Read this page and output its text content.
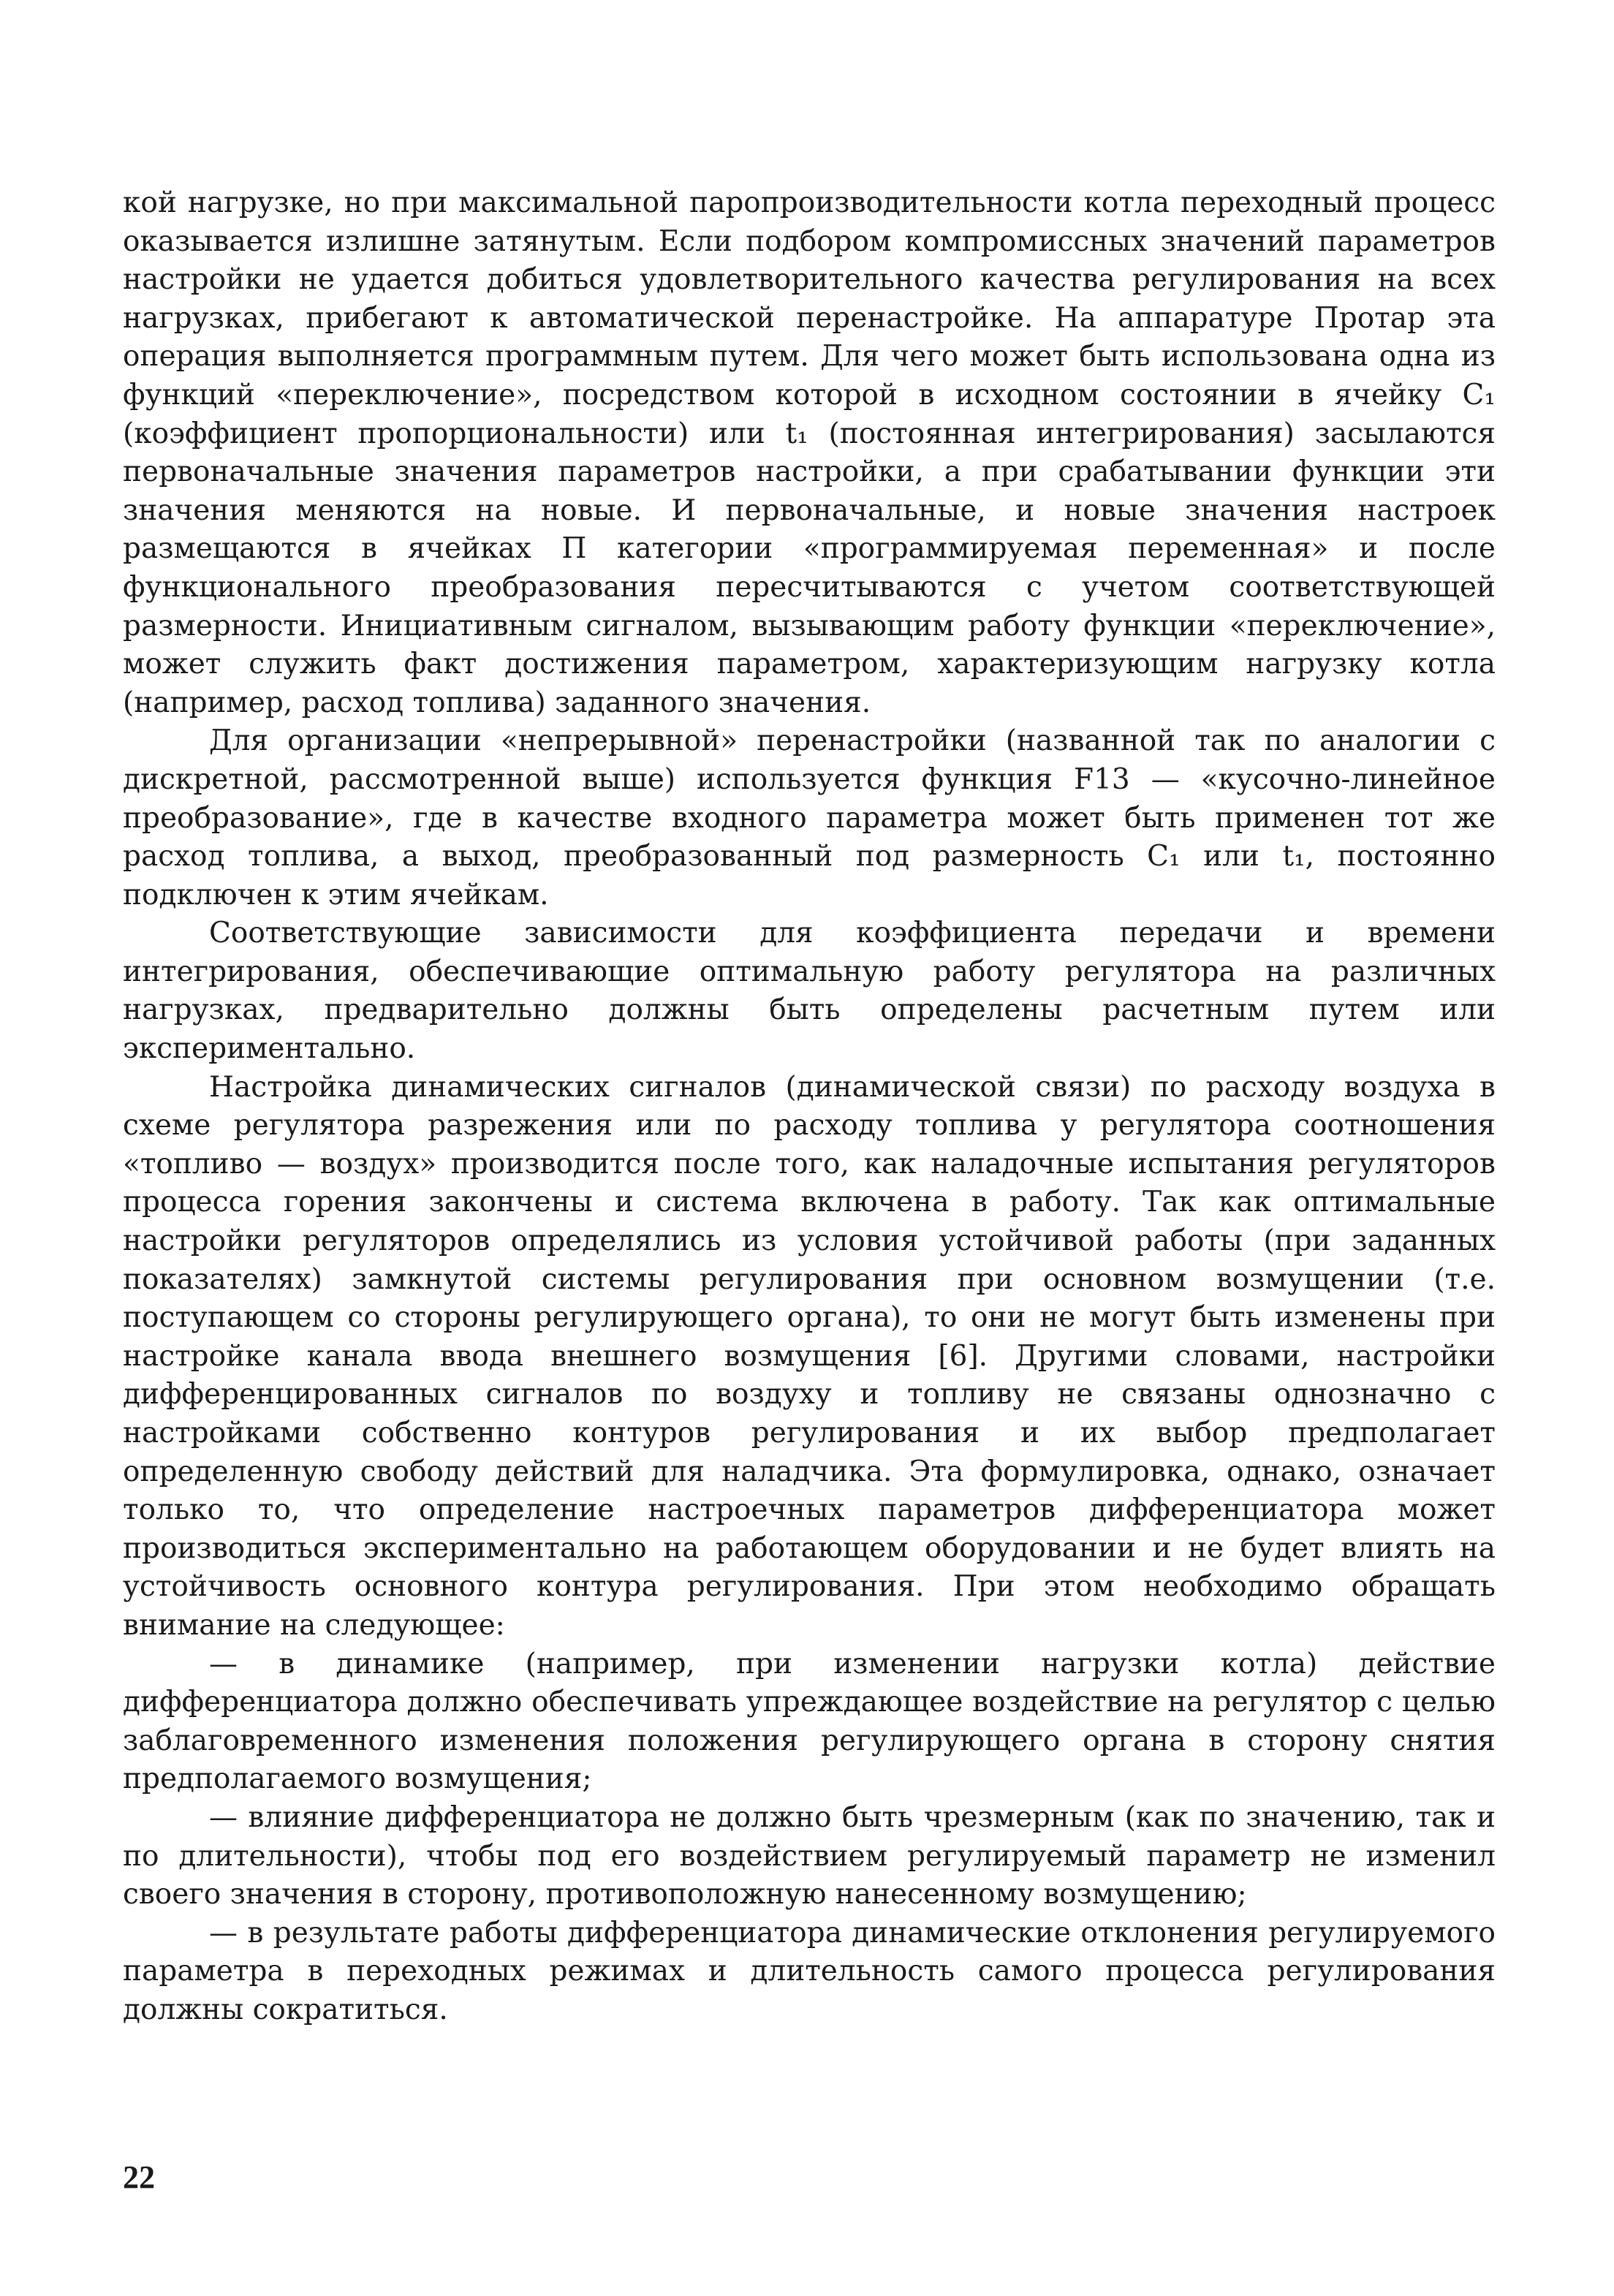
кой нагрузке, но при максимальной паропроизводительности котла переходный процесс оказывается излишне затянутым. Если подбором компромиссных значений параметров настройки не удается добиться удовлетворительного качества регулирования на всех нагрузках, прибегают к автоматической перенастройке. На аппаратуре Протар эта операция выполняется программным путем. Для чего может быть использована одна из функций «переключение», посредством которой в исходном состоянии в ячейку C₁ (коэффициент пропорциональности) или t₁ (постоянная интегрирования) засылаются первоначальные значения параметров настройки, а при срабатывании функции эти значения меняются на новые. И первоначальные, и новые значения настроек размещаются в ячейках П категории «программируемая переменная» и после функционального преобразования пересчитываются с учетом соответствующей размерности. Инициативным сигналом, вызывающим работу функции «переключение», может служить факт достижения параметром, характеризующим нагрузку котла (например, расход топлива) заданного значения.

Для организации «непрерывной» перенастройки (названной так по аналогии с дискретной, рассмотренной выше) используется функция F13 — «кусочно-линейное преобразование», где в качестве входного параметра может быть применен тот же расход топлива, а выход, преобразованный под размерность C₁ или t₁, постоянно подключен к этим ячейкам.

Соответствующие зависимости для коэффициента передачи и времени интегрирования, обеспечивающие оптимальную работу регулятора на различных нагрузках, предварительно должны быть определены расчетным путем или экспериментально.

Настройка динамических сигналов (динамической связи) по расходу воздуха в схеме регулятора разрежения или по расходу топлива у регулятора соотношения «топливо — воздух» производится после того, как наладочные испытания регуляторов процесса горения закончены и система включена в работу. Так как оптимальные настройки регуляторов определялись из условия устойчивой работы (при заданных показателях) замкнутой системы регулирования при основном возмущении (т.е. поступающем со стороны регулирующего органа), то они не могут быть изменены при настройке канала ввода внешнего возмущения [6]. Другими словами, настройки дифференцированных сигналов по воздуху и топливу не связаны однозначно с настройками собственно контуров регулирования и их выбор предполагает определенную свободу действий для наладчика. Эта формулировка, однако, означает только то, что определение настроечных параметров дифференциатора может производиться экспериментально на работающем оборудовании и не будет влиять на устойчивость основного контура регулирования. При этом необходимо обращать внимание на следующее:

— в динамике (например, при изменении нагрузки котла) действие дифференциатора должно обеспечивать упреждающее воздействие на регулятор с целью заблаговременного изменения положения регулирующего органа в сторону снятия предполагаемого возмущения;

— влияние дифференциатора не должно быть чрезмерным (как по значению, так и по длительности), чтобы под его воздействием регулируемый параметр не изменил своего значения в сторону, противоположную нанесенному возмущению;

— в результате работы дифференциатора динамические отклонения регулируемого параметра в переходных режимах и длительность самого процесса регулирования должны сократиться.

22
